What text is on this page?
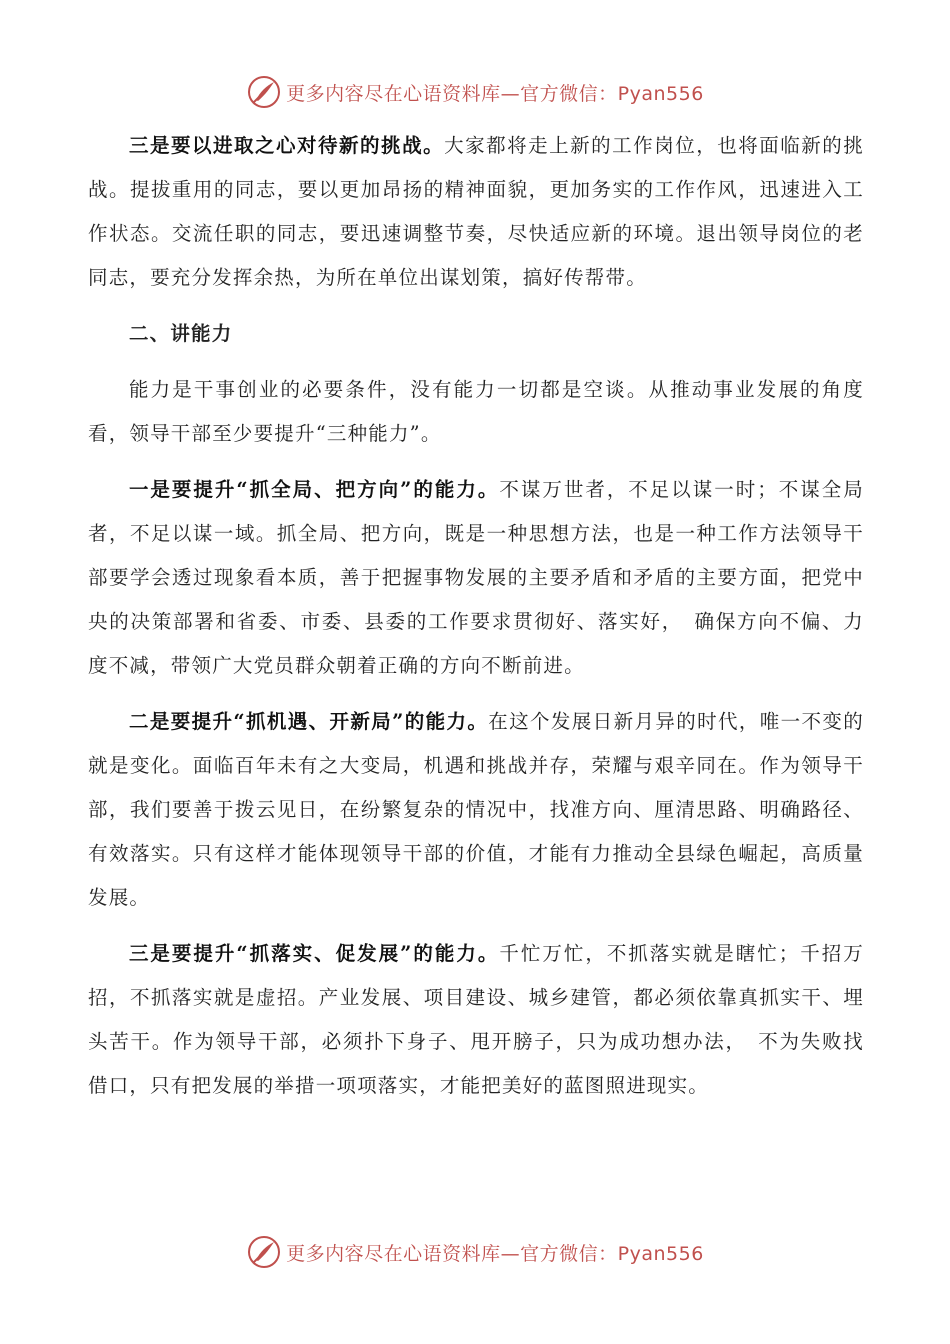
更多内容尽在心语资料库—官方微信：Pyan556

三是要以进取之心对待新的挑战。大家都将走上新的工作岗位，也将面临新的挑战。提拔重用的同志，要以更加昂扬的精神面貌，更加务实的工作作风，迅速进入工作状态。交流任职的同志，要迅速调整节奏，尽快适应新的环境。退出领导岗位的老同志，要充分发挥余热，为所在单位出谋划策，搞好传帮带。

二、讲能力

能力是干事创业的必要条件，没有能力一切都是空谈。从推动事业发展的角度看，领导干部至少要提升“三种能力”。

一是要提升“抓全局、把方向”的能力。不谋万世者，不足以谋一时；不谋全局者，不足以谋一域。抓全局、把方向，既是一种思想方法，也是一种工作方法领导干部要学会透过现象看本质，善于把握事物发展的主要矛盾和矛盾的主要方面，把党中央的决策部署和省委、市委、县委的工作要求贯彻好、落实好，　确保方向不偏、力度不减，带领广大党员群众朝着正确的方向不断前进。

二是要提升“抓机遇、开新局”的能力。在这个发展日新月异的时代，唯一不变的就是变化。面临百年未有之大变局，机遇和挑战并存，荣耀与艰辛同在。作为领导干部，我们要善于拨云见日，在纷繁复杂的情况中，找准方向、厘清思路、明确路径、有效落实。只有这样才能体现领导干部的价值，才能有力推动全县绿色崛起，高质量发展。

三是要提升“抓落实、促发展”的能力。千忙万忙，不抓落实就是瞎忙；千招万招，不抓落实就是虚招。产业发展、项目建设、城乡建管，都必须依靠真抓实干、埋头苦干。作为领导干部，必须扑下身子、甩开膀子，只为成功想办法，　不为失败找借口，只有把发展的举措一项项落实，才能把美好的蓝图照进现实。

更多内容尽在心语资料库—官方微信：Pyan556
